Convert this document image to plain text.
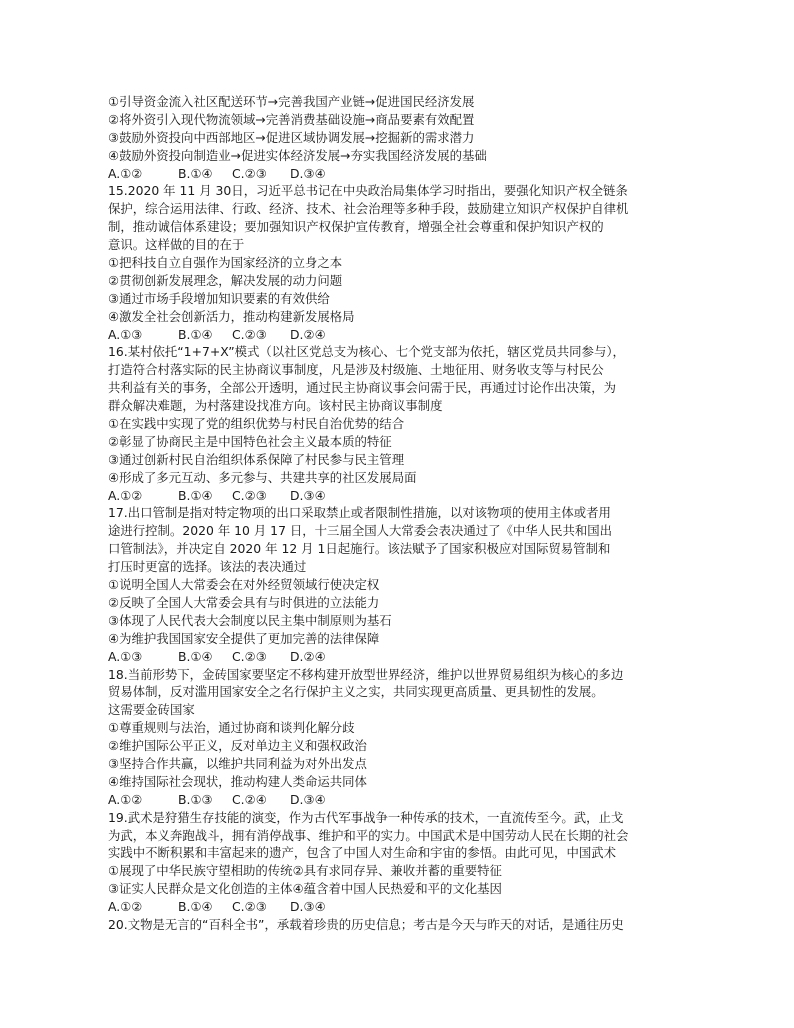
①引导资金流入社区配送环节→完善我国产业链→促进国民经济发展
②将外资引入现代物流领域→完善消费基础设施→商品要素有效配置
③鼓励外资投向中西部地区→促进区域协调发展→挖掘新的需求潜力
④鼓励外资投向制造业→促进实体经济发展→夯实我国经济发展的基础
A.①②	B.①④	C.②③	D.③④
15.2020 年 11 月 30日，习近平总书记在中央政治局集体学习时指出，要强化知识产权全链条
保护，综合运用法律、行政、经济、技术、社会治理等多种手段，鼓励建立知识产权保护自律机
制，推动诚信体系建设；要加强知识产权保护宣传教育，增强全社会尊重和保护知识产权的
意识。这样做的目的在于
①把科技自立自强作为国家经济的立身之本
②贯彻创新发展理念，解决发展的动力问题
③通过市场手段增加知识要素的有效供给
④激发全社会创新活力，推动构建新发展格局
A.①③	B.①④	C.②③	D.②④
16.某村依托“1+7+X”模式（以社区党总支为核心、七个党支部为依托，辖区党员共同参与），
打造符合村落实际的民主协商议事制度，凡是涉及村级施、土地征用、财务收支等与村民公
共利益有关的事务，全部公开透明，通过民主协商议事会问需于民，再通过讨论作出决策，为
群众解决难题，为村落建设找准方向。该村民主协商议事制度
①在实践中实现了党的组织优势与村民自治优势的结合
②彰显了协商民主是中国特色社会主义最本质的特征
③通过创新村民自治组织体系保障了村民参与民主管理
④形成了多元互动、多元参与、共建共享的社区发展局面
A.①②	B.①④	C.②③	D.③④
17.出口管制是指对特定物项的出口采取禁止或者限制性措施，以对该物项的使用主体或者用
途进行控制。2020 年 10 月 17 日，十三届全国人大常委会表决通过了《中华人民共和国出
口管制法》，并决定自 2020 年 12 月 1日起施行。该法赋予了国家积极应对国际贸易管制和
打压时更富的选择。该法的表决通过
①说明全国人大常委会在对外经贸领域行使决定权
②反映了全国人大常委会具有与时俱进的立法能力
③体现了人民代表大会制度以民主集中制原则为基石
④为维护我国国家安全提供了更加完善的法律保障
A.①③	B.①④	C.②③	D.②④
18.当前形势下，金砖国家要坚定不移构建开放型世界经济，维护以世界贸易组织为核心的多边
贸易体制，反对滥用国家安全之名行保护主义之实，共同实现更高质量、更具韧性的发展。
这需要金砖国家
①尊重规则与法治，通过协商和谈判化解分歧
②维护国际公平正义，反对单边主义和强权政治
③坚持合作共赢，以维护共同利益为对外出发点
④维持国际社会现状，推动构建人类命运共同体
A.①②	B.①③	C.②④	D.③④
19.武术是狩猎生存技能的演变，作为古代军事战争一种传承的技术，一直流传至今。武，止戈
为武，本义奔跑战斗，拥有消停战事、维护和平的实力。中国武术是中国劳动人民在长期的社会
实践中不断积累和丰富起来的遗产，包含了中国人对生命和宇宙的参悟。由此可见，中国武术
①展现了中华民族守望相助的传统②具有求同存异、兼收并蓄的重要特征
③证实人民群众是文化创造的主体④蕴含着中国人民热爱和平的文化基因
A.①②	B.①④	C.②③	D.③④
20.文物是无言的“百科全书”，承载着珍贵的历史信息；考古是今天与昨天的对话，是通往历史
